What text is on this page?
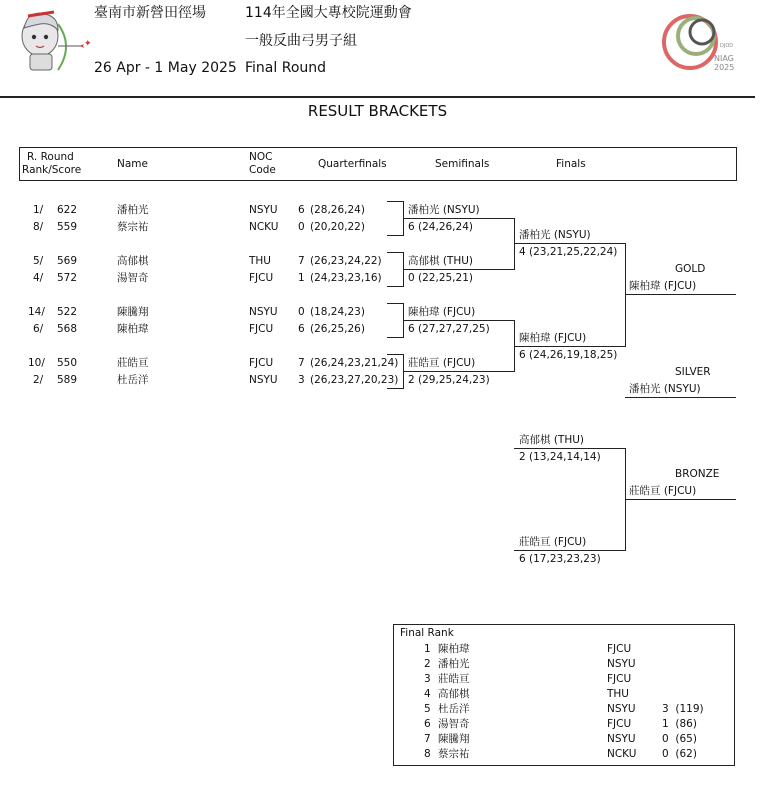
✦
臺南市新營田徑場
26 Apr - 1 May 2025
114年全國大專校院運動會
一般反曲弓男子組
Final Round
DJOD
NIAG
2025
RESULT BRACKETS
R. Round
Rank/Score	Name
NOC
Code	Quarterfinals	Semifinals	Finals
1/ 622	潘柏光	NSYU 6 (28,26,24)
8/ 559	蔡宗祐	NCKU 0 (20,20,22)
5/ 569	高郁棋	THU	7 (26,23,24,22)
4/ 572	湯智奇	FJCU 1 (24,23,23,16)
14/ 522	陳騰翔	NSYU 0 (18,24,23)
6/ 568	陳柏瑋	FJCU 6 (26,25,26)
10/ 550	莊皓亘	FJCU 7 (26,24,23,21,24)
2/ 589	杜岳洋	NSYU 3 (26,23,27,20,23)
潘柏光 (NSYU)
6 (24,26,24)
高郁棋 (THU)
0 (22,25,21)
陳柏瑋 (FJCU)
6 (27,27,27,25)
莊皓亘 (FJCU)
2 (29,25,24,23)
潘柏光 (NSYU)
4 (23,21,25,22,24)
陳柏瑋 (FJCU)
6 (24,26,19,18,25)
GOLD
陳柏瑋 (FJCU)
SILVER
潘柏光 (NSYU)
高郁棋 (THU)
2 (13,24,14,14)
莊皓亘 (FJCU)
6 (17,23,23,23)
BRONZE
莊皓亘 (FJCU)
Final Rank
1 陳柏瑋	FJCU
2 潘柏光	NSYU
3 莊皓亘	FJCU
4 高郁棋	THU
5 杜岳洋	NSYU	3  (119)
6 湯智奇	FJCU	1  (86)
7 陳騰翔	NSYU	0  (65)
8 蔡宗祐	NCKU 0  (62)
